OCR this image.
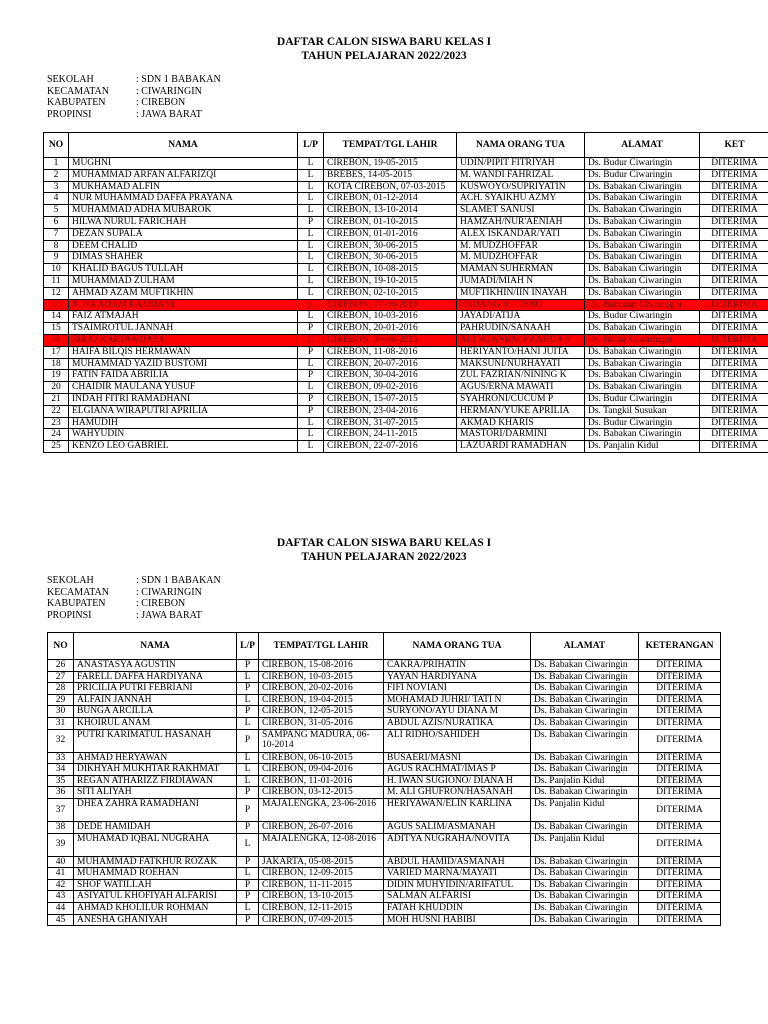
DAFTAR CALON SISWA BARU KELAS I
TAHUN PELAJARAN 2022/2023
SEKOLAH	: SDN 1 BABAKAN
KECAMATAN	: CIWARINGIN
KABUPATEN	: CIREBON
PROPINSI	: JAWA BARAT
NO	NAMA	L/P	TEMPAT/TGL LAHIR	NAMA ORANG TUA	ALAMAT	KET
1	MUGHNI	L	CIREBON, 19-05-2015	UDIN/PIPIT FITRIYAH	Ds. Budur Ciwaringin	DITERIMA
2	MUHAMMAD ARFAN ALFARIZQI	L	BREBES, 14-05-2015	M. WANDI FAHRIZAL	Ds. Budur Ciwaringin	DITERIMA
3	MUKHAMAD ALFIN	L	KOTA CIREBON, 07-03-2015	KUSWOYO/SUPRIYATIN	Ds. Babakan Ciwaringin	DITERIMA
4	NUR MUHAMMAD DAFFA PRAYANA	L	CIREBON, 01-12-2014	ACH. SYAIKHU AZMY	Ds. Babakan Ciwaringin	DITERIMA
5	MUHAMMAD ADHA MUBAROK	L	CIREBON, 13-10-2014	SLAMET SANUSI	Ds. Babakan Ciwaringin	DITERIMA
6	HILWA NURUL FARICHAH	P	CIREBON, 01-10-2015	HAMZAH/NUR'AENIAH	Ds. Babakan Ciwaringin	DITERIMA
7	DEZAN SUPALA	L	CIREBON, 01-01-2016	ALEX ISKANDAR/YATI	Ds. Babakan Ciwaringin	DITERIMA
8	DEEM CHALID	L	CIREBON, 30-06-2015	M. MUDZHOFFAR	Ds. Babakan Ciwaringin	DITERIMA
9	DIMAS SHAHER	L	CIREBON, 30-06-2015	M. MUDZHOFFAR	Ds. Babakan Ciwaringin	DITERIMA
10	KHALID BAGUS TULLAH	L	CIREBON, 10-08-2015	MAMAN SUHERMAN	Ds. Babakan Ciwaringin	DITERIMA
11	MUHAMMAD ZULHAM	L	CIREBON, 19-10-2015	JUMADI/MIAH N	Ds. Babakan Ciwaringin	DITERIMA
12	AHMAD AZAM MUFTIKHIN	L	CIREBON, 02-10-2015	MUFTIKHIN/IIN INAYAH	Ds. Babakan Ciwaringin	DITERIMA
13	JUNA ADAM RAMDANI	L	CIREBON, 17-06-2016	ENDANG SUTISNO	Ds. Babakan Ciwaringin	DITERIMA
14	FAIZ ATMAJAH	L	CIREBON, 10-03-2016	JAYADI/ATIJA	Ds. Budur Ciwaringin	DITERIMA
15	TSAIMROTUL JANNAH	P	CIREBON, 20-01-2016	PAHRUDIN/SANAAH	Ds. Babakan Ciwaringin	DITERIMA
16	SIRAJ KARTAWIJAYA	L	CIREBON, 30-06-2015	ALI SUWARNO/WAHDA S	Ds. Budur Ciwaringin	DITERIMA
17	HAIFA BILQIS HERMAWAN	P	CIREBON, 11-08-2016	HERIYANTO/HANI JUITA	Ds. Babakan Ciwaringin	DITERIMA
18	MUHAMMAD YAZID BUSTOMI	L	CIREBON, 20-07-2016	MAKSUNI/NURHAYATI	Ds. Babakan Ciwaringin	DITERIMA
19	FATIN FAIDA ABRILIA	P	CIREBON, 30-04-2016	ZUL FAZRIAN/NINING K	Ds. Babakan Ciwaringin	DITERIMA
20	CHAIDIR MAULANA YUSUF	L	CIREBON, 09-02-2016	AGUS/ERNA MAWATI	Ds. Babakan Ciwaringin	DITERIMA
21	INDAH FITRI RAMADHANI	P	CIREBON, 15-07-2015	SYAHRONI/CUCUM P	Ds. Budur Ciwaringin	DITERIMA
22	ELGIANA WIRAPUTRI APRILIA	P	CIREBON, 23-04-2016	HERMAN/YUKE APRILIA	Ds. Tangkil Susukan	DITERIMA
23	HAMUDIH	L	CIREBON, 31-07-2015	AKMAD KHARIS	Ds. Budur Ciwaringin	DITERIMA
24	WAHYUDIN	L	CIREBON, 24-11-2015	MASTORI/DARMINI	Ds. Babakan Ciwaringin	DITERIMA
25	KENZO LEO GABRIEL	L	CIREBON, 22-07-2016	LAZUARDI RAMADHAN	Ds. Panjalin Kidul	DITERIMA
DAFTAR CALON SISWA BARU KELAS I
TAHUN PELAJARAN 2022/2023
SEKOLAH	: SDN 1 BABAKAN
KECAMATAN	: CIWARINGIN
KABUPATEN	: CIREBON
PROPINSI	: JAWA BARAT
NO	NAMA	L/P	TEMPAT/TGL LAHIR	NAMA ORANG TUA	ALAMAT	KETERANGAN
26	ANASTASYA AGUSTIN	P	CIREBON, 15-08-2016	CAKRA/PRIHATIN	Ds. Babakan Ciwaringin	DITERIMA
27	FARELL DAFFA HARDIYANA	L	CIREBON, 10-03-2015	YAYAN HARDIYANA	Ds. Babakan Ciwaringin	DITERIMA
28	PRICILIA PUTRI FEBRIANI	P	CIREBON, 20-02-2016	FIFI NOVIANI	Ds. Babakan Ciwaringin	DITERIMA
29	ALFAIN JANNAH	L	CIREBON, 19-04-2015	MOHAMAD JUHRI/ TATI N	Ds. Babakan Ciwaringin	DITERIMA
30	BUNGA ARCILLA	P	CIREBON, 12-05-2015	SURYONO/AYU DIANA M	Ds. Babakan Ciwaringin	DITERIMA
31	KHOIRUL ANAM	L	CIREBON, 31-05-2016	ABDUL AZIS/NURATIKA	Ds. Babakan Ciwaringin	DITERIMA
32	PUTRI KARIMATUL HASANAH	P	SAMPANG MADURA, 06-10-2014	ALI RIDHO/SAHIDEH	Ds. Babakan Ciwaringin	DITERIMA
33	AHMAD HERYAWAN	L	CIREBON, 06-10-2015	BUSAERI/MASNI	Ds. Babakan Ciwaringin	DITERIMA
34	DIKHYAH MUKHTAR RAKHMAT	L	CIREBON, 09-04-2016	AGUS RACHMAT/IMAS P	Ds. Babakan Ciwaringin	DITERIMA
35	REGAN ATHARIZZ FIRDIAWAN	L	CIREBON, 11-01-2016	H. IWAN SUGIONO/ DIANA H	Ds. Panjalin Kidul	DITERIMA
36	SITI ALIYAH	P	CIREBON, 03-12-2015	M. ALI GHUFRON/HASANAH	Ds. Babakan Ciwaringin	DITERIMA
37	DHEA ZAHRA RAMADHANI	P	MAJALENGKA, 23-06-2016	HERIYAWAN/ELIN KARLINA	Ds. Panjalin Kidul	DITERIMA
38	DEDE HAMIDAH	P	CIREBON, 26-07-2016	AGUS SALIM/ASMANAH	Ds. Babakan Ciwaringin	DITERIMA
39	MUHAMAD IQBAL NUGRAHA	L	MAJALENGKA, 12-08-2016	ADITYA NUGRAHA/NOVITA	Ds. Panjalin Kidul	DITERIMA
40	MUHAMMAD FATKHUR ROZAK	P	JAKARTA, 05-08-2015	ABDUL HAMID/ASMANAH	Ds. Babakan Ciwaringin	DITERIMA
41	MUHAMMAD ROEHAN	L	CIREBON, 12-09-2015	VARIED MARNA/MAYATI	Ds. Babakan Ciwaringin	DITERIMA
42	SHOF WATILLAH	P	CIREBON, 11-11-2015	DIDIN MUHYIDIN/ARIFATUL	Ds. Babakan Ciwaringin	DITERIMA
43	ASIYATUL KHOFIYAH ALFARISI	P	CIREBON, 13-10-2015	SALMAN ALFARISI	Ds. Babakan Ciwaringin	DITERIMA
44	AHMAD KHOLILUR ROHMAN	L	CIREBON, 12-11-2015	FATAH KHUDDIN	Ds. Babakan Ciwaringin	DITERIMA
45	ANESHA GHANIYAH	P	CIREBON, 07-09-2015	MOH HUSNI HABIBI	Ds. Babakan Ciwaringin	DITERIMA
